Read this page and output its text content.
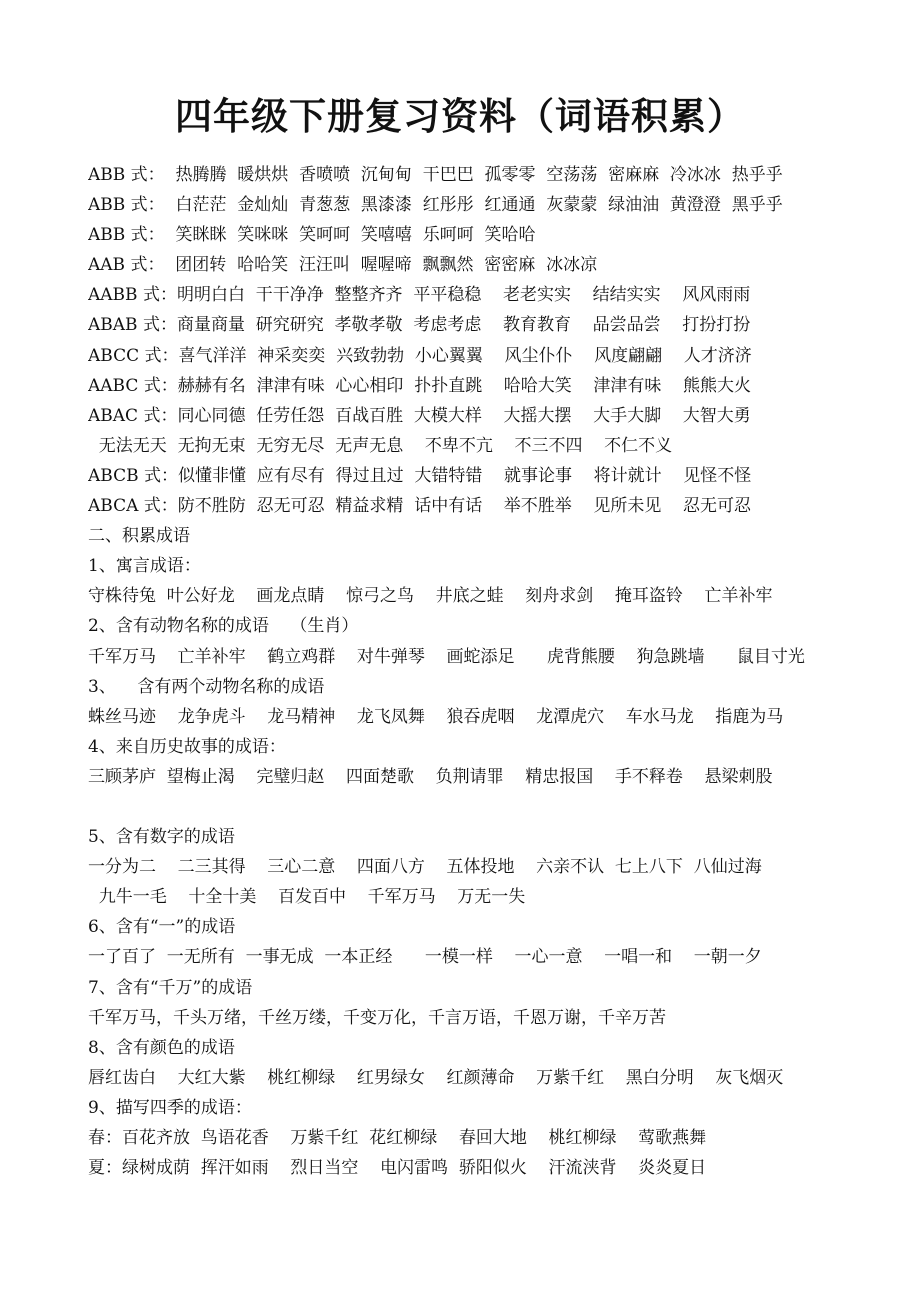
四年级下册复习资料（词语积累）
ABB 式：  热腾腾  暖烘烘  香喷喷  沉甸甸  干巴巴  孤零零  空荡荡  密麻麻  冷冰冰  热乎乎
ABB 式：  白茫茫  金灿灿  青葱葱  黑漆漆  红彤彤  红通通  灰蒙蒙  绿油油  黄澄澄  黑乎乎
ABB 式：  笑眯眯  笑咪咪  笑呵呵  笑嘻嘻  乐呵呵  笑哈哈
AAB 式：  团团转  哈哈笑  汪汪叫  喔喔啼  飘飘然  密密麻  冰冰凉
AABB 式：明明白白  干干净净  整整齐齐  平平稳稳    老老实实    结结实实    风风雨雨
ABAB 式：商量商量  研究研究  孝敬孝敬  考虑考虑    教育教育    品尝品尝    打扮打扮
ABCC 式：喜气洋洋  神采奕奕  兴致勃勃  小心翼翼    风尘仆仆    风度翩翩    人才济济
AABC 式：赫赫有名  津津有味  心心相印  扑扑直跳    哈哈大笑    津津有味    熊熊大火
ABAC 式：同心同德  任劳任怨  百战百胜  大模大样    大摇大摆    大手大脚    大智大勇
无法无天  无拘无束  无穷无尽  无声无息    不卑不亢    不三不四    不仁不义
ABCB 式：似懂非懂  应有尽有  得过且过  大错特错    就事论事    将计就计    见怪不怪
ABCA 式：防不胜防  忍无可忍  精益求精  话中有话    举不胜举    见所未见    忍无可忍
二、积累成语
1、寓言成语：
守株待兔  叶公好龙    画龙点睛    惊弓之鸟    井底之蛙    刻舟求剑    掩耳盗铃    亡羊补牢
2、含有动物名称的成语    （生肖）
千军万马    亡羊补牢    鹤立鸡群    对牛弹琴    画蛇添足      虎背熊腰    狗急跳墙      鼠目寸光
3、    含有两个动物名称的成语
蛛丝马迹    龙争虎斗    龙马精神    龙飞凤舞    狼吞虎咽    龙潭虎穴    车水马龙    指鹿为马
4、来自历史故事的成语：
三顾茅庐  望梅止渴    完璧归赵    四面楚歌    负荆请罪    精忠报国    手不释卷    悬梁刺股
5、含有数字的成语
一分为二    二三其得    三心二意    四面八方    五体投地    六亲不认  七上八下  八仙过海
九牛一毛    十全十美    百发百中    千军万马    万无一失
6、含有“一”的成语
一了百了  一无所有  一事无成  一本正经      一模一样    一心一意    一唱一和    一朝一夕
7、含有“千万”的成语
千军万马，千头万绪，千丝万缕，千变万化，千言万语，千恩万谢，千辛万苦
8、含有颜色的成语
唇红齿白    大红大紫    桃红柳绿    红男绿女    红颜薄命    万紫千红    黑白分明    灰飞烟灭
9、描写四季的成语：
春：百花齐放  鸟语花香    万紫千红  花红柳绿    春回大地    桃红柳绿    莺歌燕舞
夏：绿树成荫  挥汗如雨    烈日当空    电闪雷鸣  骄阳似火    汗流浃背    炎炎夏日
